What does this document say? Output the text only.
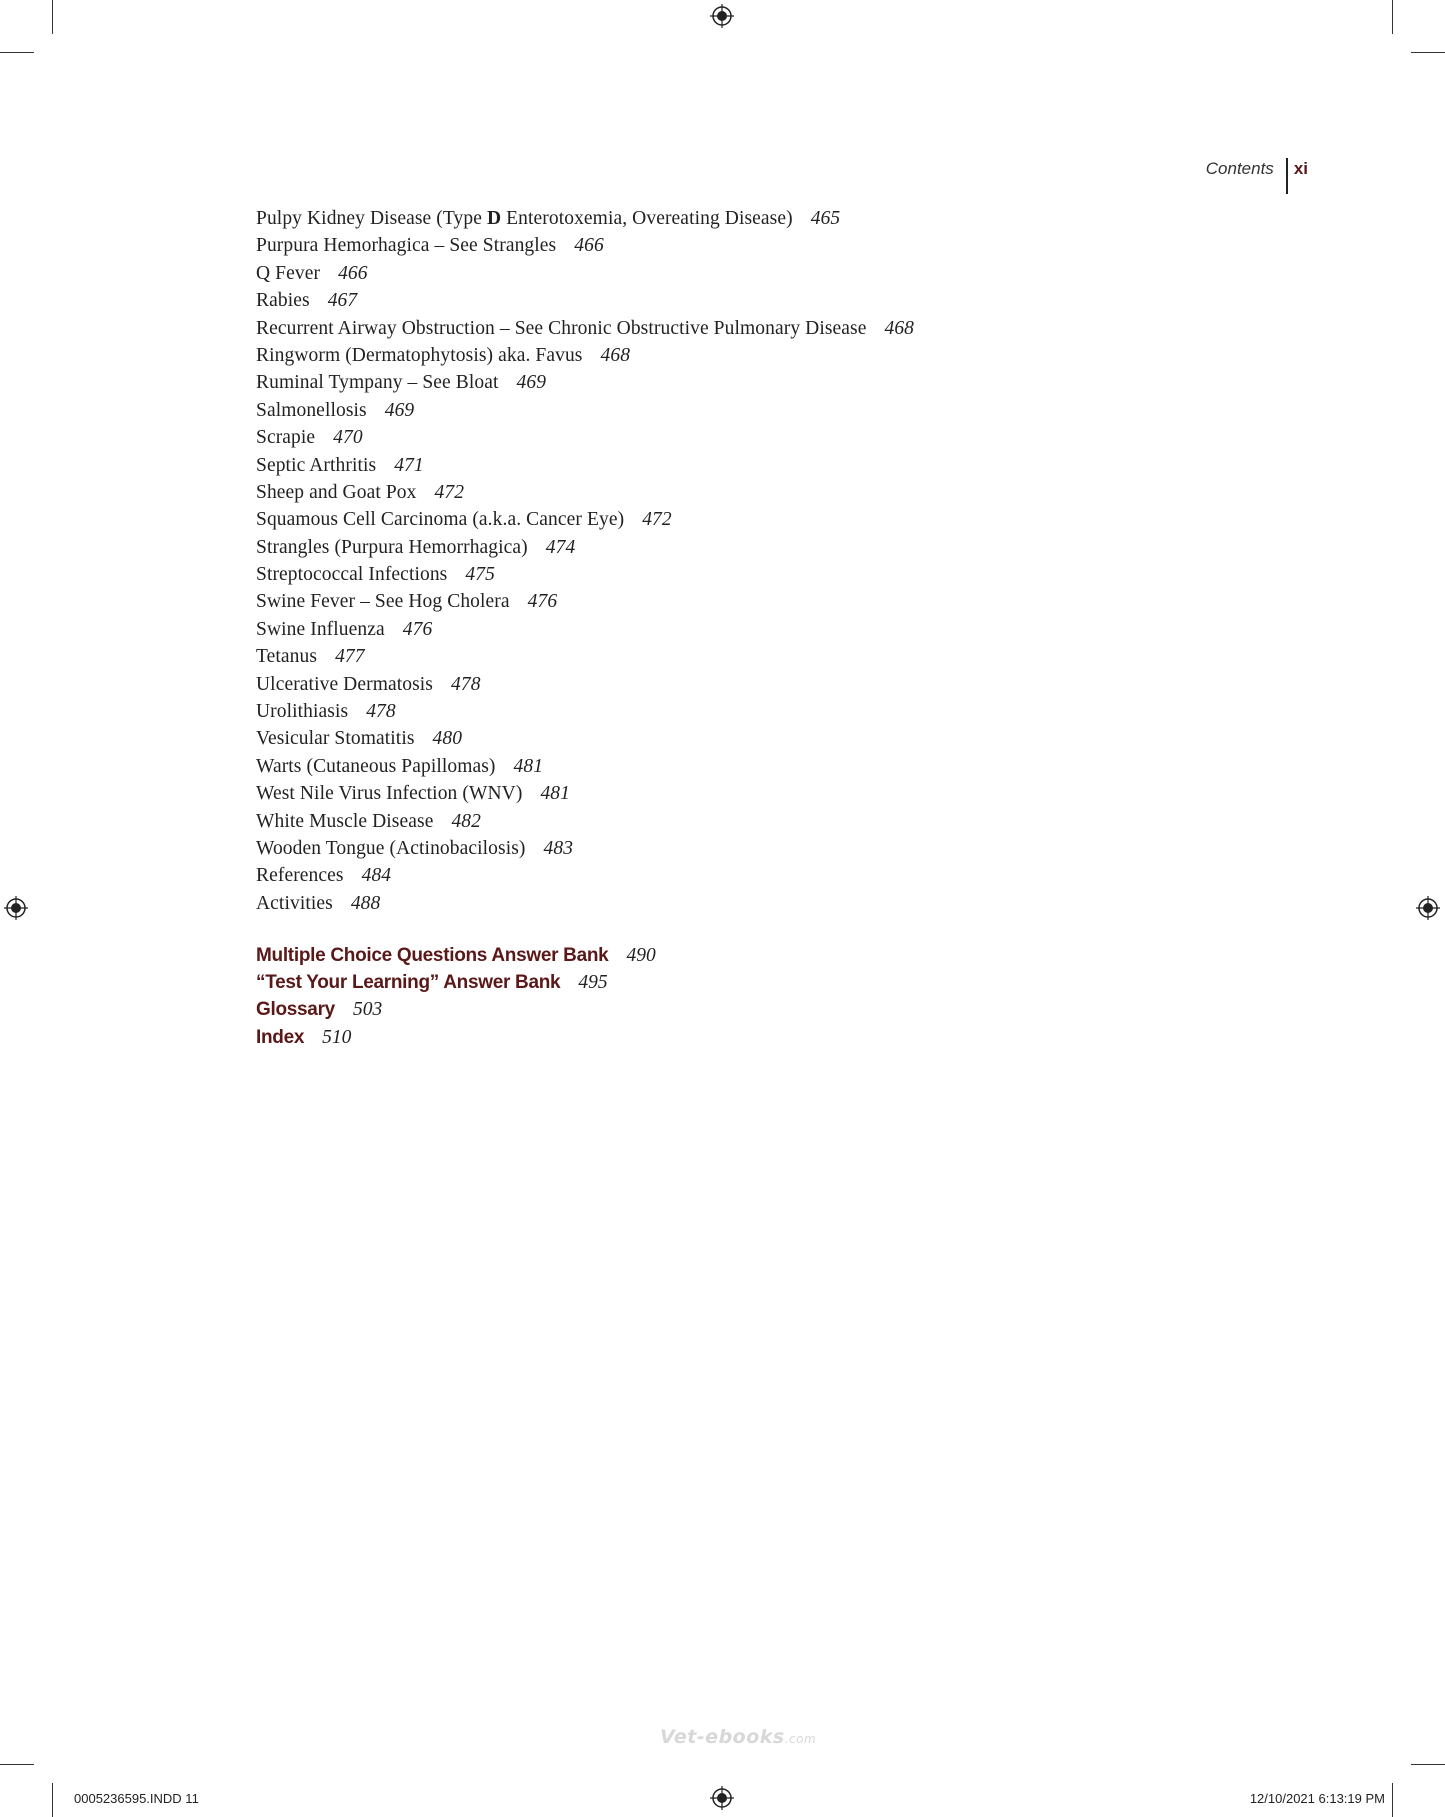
Contents	xi
Pulpy Kidney Disease (Type D Enterotoxemia, Overeating Disease) 465
Purpura Hemorhagica – See Strangles 466
Q Fever 466
Rabies 467
Recurrent Airway Obstruction – See Chronic Obstructive Pulmonary Disease 468
Ringworm (Dermatophytosis) aka. Favus 468
Ruminal Tympany – See Bloat 469
Salmonellosis 469
Scrapie 470
Septic Arthritis 471
Sheep and Goat Pox 472
Squamous Cell Carcinoma (a.k.a. Cancer Eye) 472
Strangles (Purpura Hemorrhagica) 474
Streptococcal Infections 475
Swine Fever – See Hog Cholera 476
Swine Influenza 476
Tetanus 477
Ulcerative Dermatosis 478
Urolithiasis 478
Vesicular Stomatitis 480
Warts (Cutaneous Papillomas) 481
West Nile Virus Infection (WNV) 481
White Muscle Disease 482
Wooden Tongue (Actinobacilosis) 483
References 484
Activities 488
Multiple Choice Questions Answer Bank 490
“Test Your Learning” Answer Bank 495
Glossary 503
Index 510
Vet-ebooks.com
0005236595.INDD 11	12/10/2021 6:13:19 PM
